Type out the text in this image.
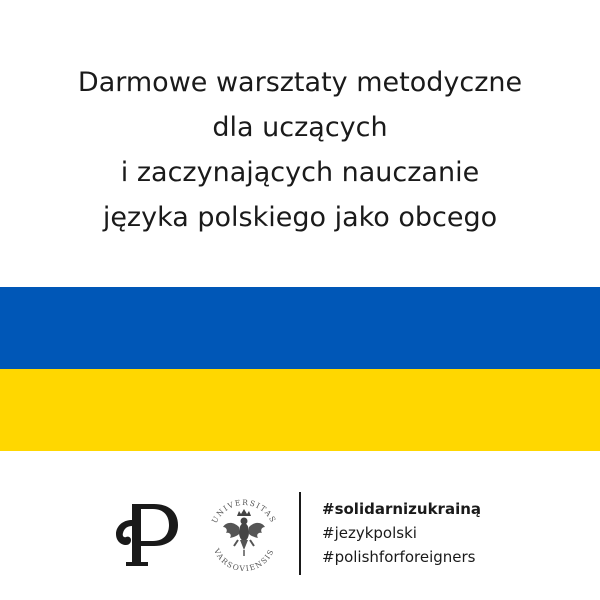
Darmowe warsztaty metodyczne
dla uczących
i zaczynających nauczanie
języka polskiego jako obcego
UNIVERSITAS
VARSOVIENSIS
#solidarnizukrainą
#jezykpolski
#polishforforeigners
